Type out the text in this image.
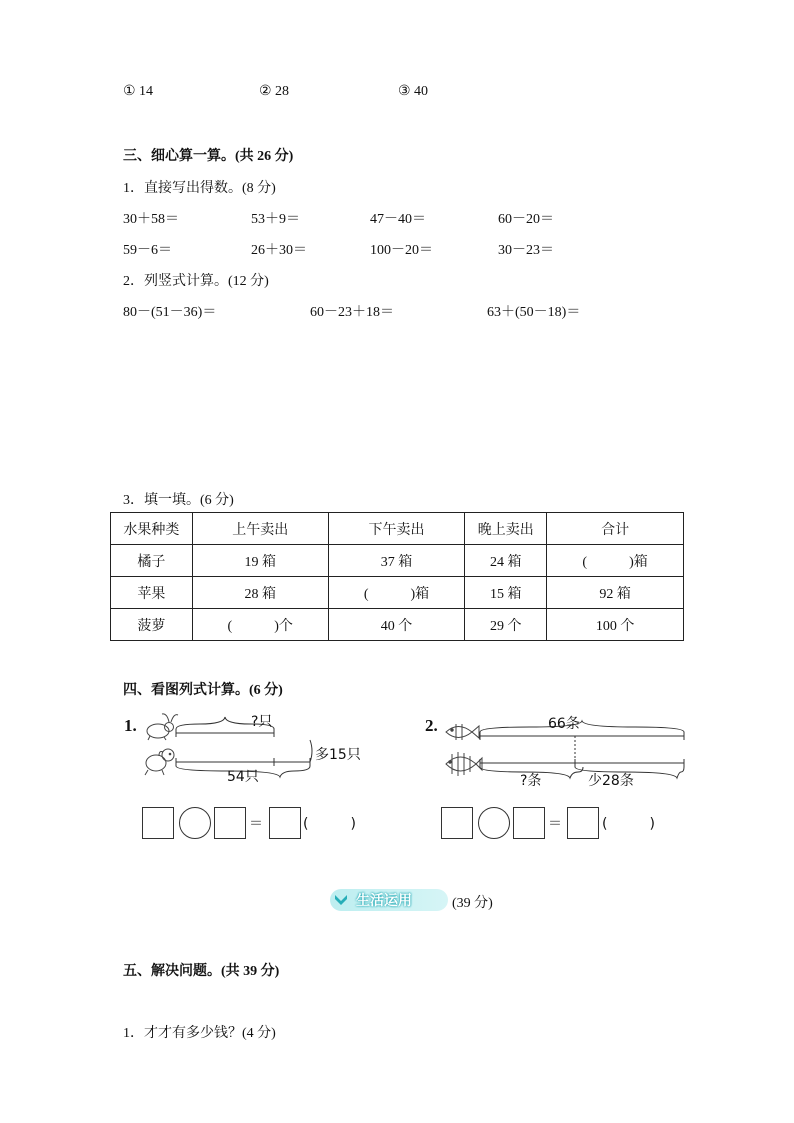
① 14	② 28	③ 40
三、细心算一算。(共 26 分)
1．直接写出得数。(8 分)
30＋58＝	53＋9＝	47－40＝	60－20＝
59－6＝	26＋30＝	100－20＝	30－23＝
2．列竖式计算。(12 分)
80－(51－36)＝	60－23＋18＝	63＋(50－18)＝
3．填一填。(6 分)
水果种类	上午卖出	下午卖出	晚上卖出	合计
橘子	19 箱	37 箱	24 箱	(　　　)箱
苹果	28 箱	(　　　)箱	15 箱	92 箱
菠萝	(　　　)个	40 个	29 个	100 个
四、看图列式计算。(6 分)
1.	?只
多15只
54只
2.	66条
?条	少28条
＝	(　　　)	＝	(　　　)
生活运用	(39 分)
五、解决问题。(共 39 分)
1．才才有多少钱？(4 分)
